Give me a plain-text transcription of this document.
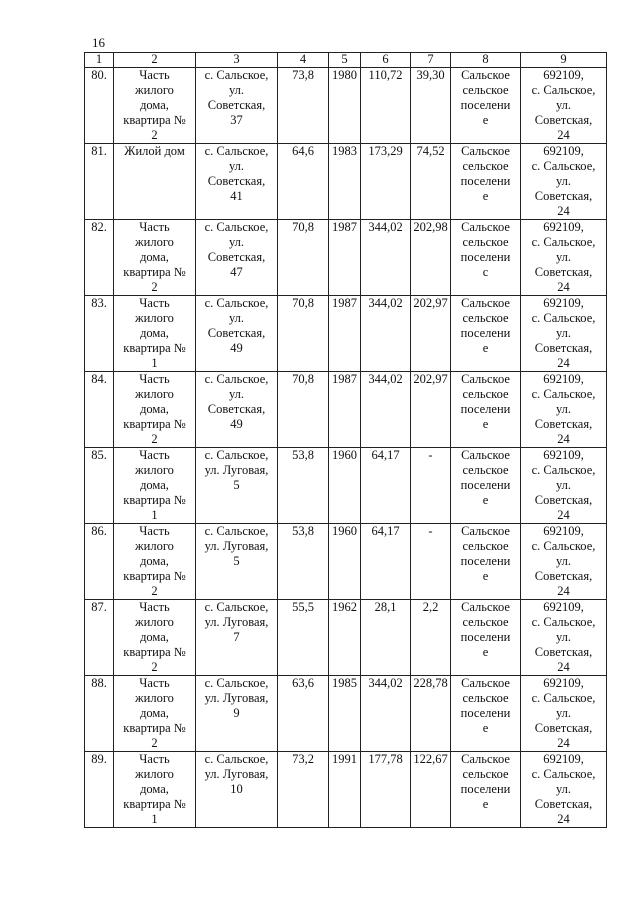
16
1	2	3	4	5	6	7	8	9
80.	Часть
жилого
дома,
квартира №
2	с. Сальское,
ул.
Советская,
37	73,8	1980	110,72	39,30	Сальское
сельское
поселени
е	692109,
с. Сальское,
ул.
Советская,
24
81.	Жилой дом	с. Сальское,
ул.
Советская,
41	64,6	1983	173,29	74,52	Сальское
сельское
поселени
е	692109,
с. Сальское,
ул.
Советская,
24
82.	Часть
жилого
дома,
квартира №
2	с. Сальское,
ул.
Советская,
47	70,8	1987	344,02	202,98	Сальское
сельское
поселени
с	692109,
с. Сальское,
ул.
Советская,
24
83.	Часть
жилого
дома,
квартира №
1	с. Сальское,
ул.
Советская,
49	70,8	1987	344,02	202,97	Сальское
сельское
поселени
е	692109,
с. Сальское,
ул.
Советская,
24
84.	Часть
жилого
дома,
квартира №
2	с. Сальское,
ул.
Советская,
49	70,8	1987	344,02	202,97	Сальское
сельское
поселени
е	692109,
с. Сальское,
ул.
Советская,
24
85.	Часть
жилого
дома,
квартира №
1	с. Сальское,
ул. Луговая,
5	53,8	1960	64,17	-	Сальское
сельское
поселени
е	692109,
с. Сальское,
ул.
Советская,
24
86.	Часть
жилого
дома,
квартира №
2	с. Сальское,
ул. Луговая,
5	53,8	1960	64,17	-	Сальское
сельское
поселени
е	692109,
с. Сальское,
ул.
Советская,
24
87.	Часть
жилого
дома,
квартира №
2	с. Сальское,
ул. Луговая,
7	55,5	1962	28,1	2,2	Сальское
сельское
поселени
е	692109,
с. Сальское,
ул.
Советская,
24
88.	Часть
жилого
дома,
квартира №
2	с. Сальское,
ул. Луговая,
9	63,6	1985	344,02	228,78	Сальское
сельское
поселени
е	692109,
с. Сальское,
ул.
Советская,
24
89.	Часть
жилого
дома,
квартира №
1	с. Сальское,
ул. Луговая,
10	73,2	1991	177,78	122,67	Сальское
сельское
поселени
е	692109,
с. Сальское,
ул.
Советская,
24
